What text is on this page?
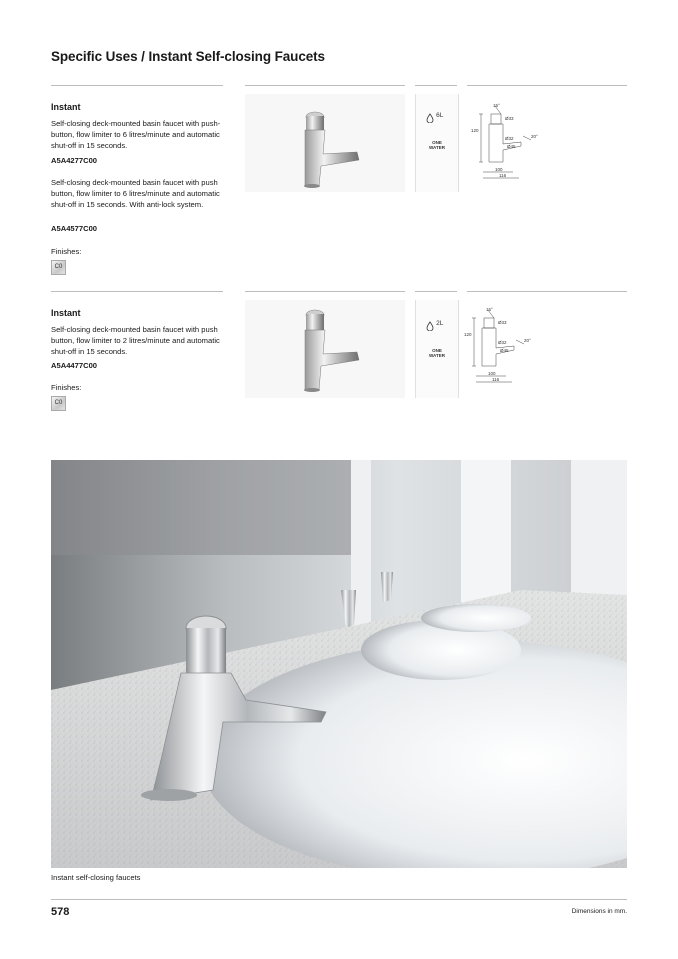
Specific Uses / Instant Self-closing Faucets
Instant
Self-closing deck-mounted basin faucet with push-button, flow limiter to 6 litres/minute and automatic shut-off in 15 seconds.
A5A4277C00
Self-closing deck-mounted basin faucet with push button, flow limiter to 6 litres/minute and automatic shut-off in 15 seconds. With anti-lock system.
A5A4577C00
Finishes:
C0
6L
ONE
WATER
15°
Ø33
120
Ø32
Ø45
20°
100
116
Instant
Self-closing deck-mounted basin faucet with push button, flow limiter to 2 litres/minute and automatic shut-off in 15 seconds.
A5A4477C00
Finishes:
C0
2L
ONE
WATER
15°
Ø33
120
Ø32
Ø45
20°
100
116
Instant self-closing faucets
578	Dimensions in mm.
